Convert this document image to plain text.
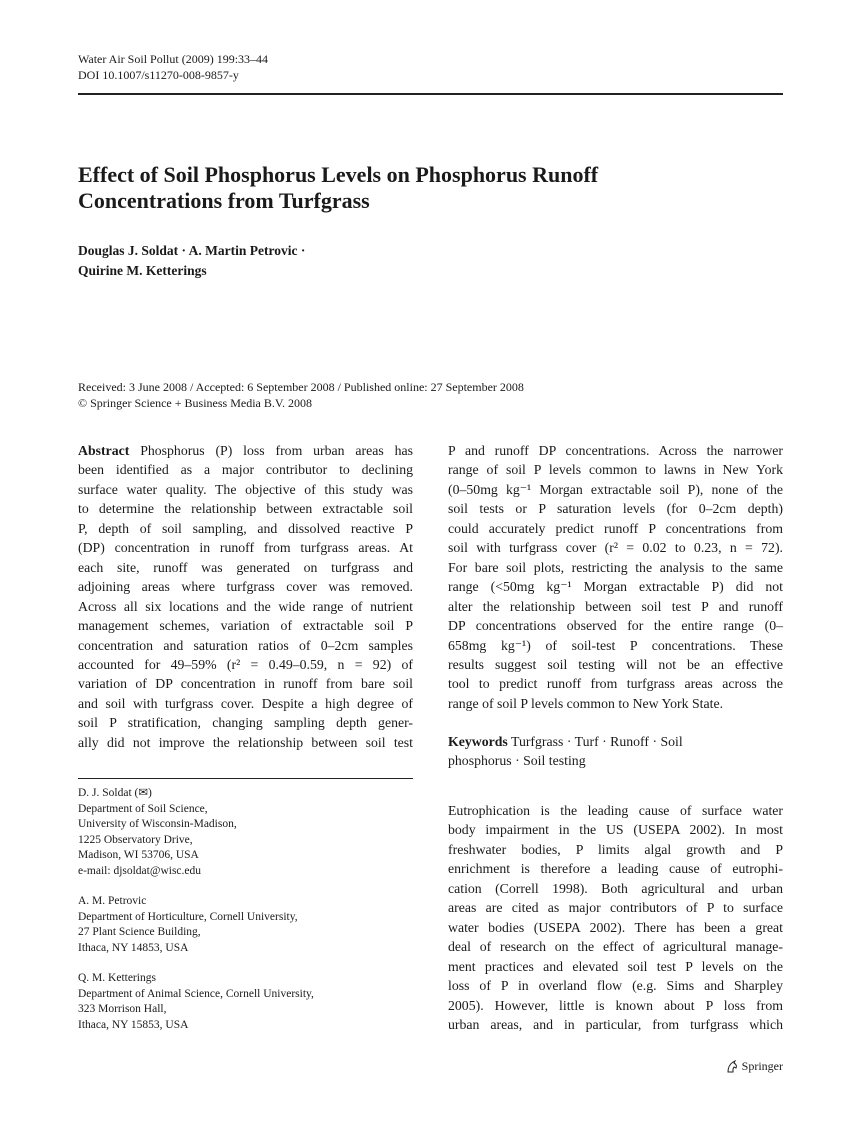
Water Air Soil Pollut (2009) 199:33–44
DOI 10.1007/s11270-008-9857-y
Effect of Soil Phosphorus Levels on Phosphorus Runoff
Concentrations from Turfgrass
Douglas J. Soldat · A. Martin Petrovic ·
Quirine M. Ketterings
Received: 3 June 2008 / Accepted: 6 September 2008 / Published online: 27 September 2008
© Springer Science + Business Media B.V. 2008
Abstract Phosphorus (P) loss from urban areas has
been identified as a major contributor to declining
surface water quality. The objective of this study was
to determine the relationship between extractable soil
P, depth of soil sampling, and dissolved reactive P
(DP) concentration in runoff from turfgrass areas. At
each site, runoff was generated on turfgrass and
adjoining areas where turfgrass cover was removed.
Across all six locations and the wide range of nutrient
management schemes, variation of extractable soil P
concentration and saturation ratios of 0–2cm samples
accounted for 49–59% (r² = 0.49–0.59, n = 92) of
variation of DP concentration in runoff from bare soil
and soil with turfgrass cover. Despite a high degree of
soil P stratification, changing sampling depth gener-
ally did not improve the relationship between soil test
P and runoff DP concentrations. Across the narrower
range of soil P levels common to lawns in New York
(0–50mg kg⁻¹ Morgan extractable soil P), none of the
soil tests or P saturation levels (for 0–2cm depth)
could accurately predict runoff P concentrations from
soil with turfgrass cover (r² = 0.02 to 0.23, n = 72).
For bare soil plots, restricting the analysis to the same
range (<50mg kg⁻¹ Morgan extractable P) did not
alter the relationship between soil test P and runoff
DP concentrations observed for the entire range (0–
658mg kg⁻¹) of soil-test P concentrations. These
results suggest soil testing will not be an effective
tool to predict runoff from turfgrass areas across the
range of soil P levels common to New York State.
Keywords Turfgrass · Turf · Runoff · Soil
phosphorus · Soil testing
Eutrophication is the leading cause of surface water
body impairment in the US (USEPA 2002). In most
freshwater bodies, P limits algal growth and P
enrichment is therefore a leading cause of eutrophi-
cation (Correll 1998). Both agricultural and urban
areas are cited as major contributors of P to surface
water bodies (USEPA 2002). There has been a great
deal of research on the effect of agricultural manage-
ment practices and elevated soil test P levels on the
loss of P in overland flow (e.g. Sims and Sharpley
2005). However, little is known about P loss from
urban areas, and in particular, from turfgrass which
D. J. Soldat (✉)
Department of Soil Science,
University of Wisconsin-Madison,
1225 Observatory Drive,
Madison, WI 53706, USA
e-mail: djsoldat@wisc.edu
A. M. Petrovic
Department of Horticulture, Cornell University,
27 Plant Science Building,
Ithaca, NY 14853, USA
Q. M. Ketterings
Department of Animal Science, Cornell University,
323 Morrison Hall,
Ithaca, NY 15853, USA
Springer
